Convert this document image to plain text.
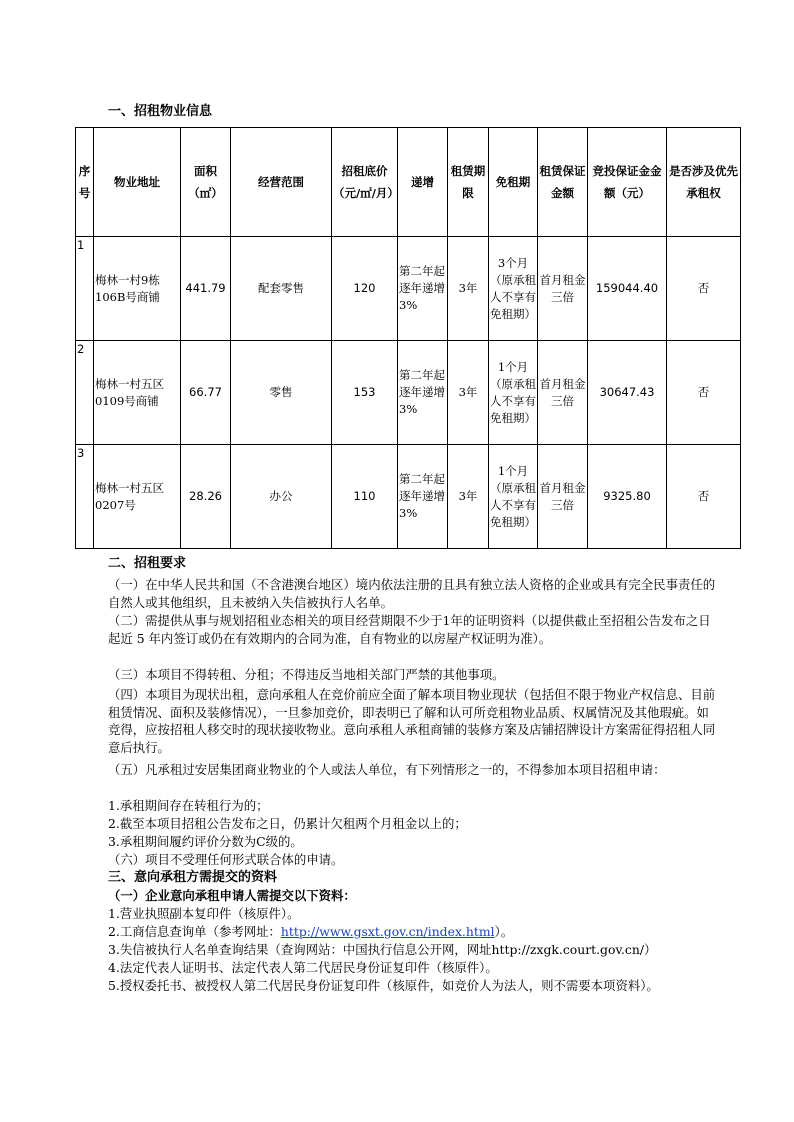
一、招租物业信息
序号	物业地址	面积（㎡）	经营范围	招租底价（元/㎡/月）	递增	租赁期限	免租期	租赁保证金额	竞投保证金金额（元）	是否涉及优先承租权
1	梅林一村9栋106B号商铺	441.79	配套零售	120	第二年起逐年递增3%	3年	3个月（原承租人不享有免租期）	首月租金三倍	159044.40	否
2	梅林一村五区0109号商铺	66.77	零售	153	第二年起逐年递增3%	3年	1个月（原承租人不享有免租期）	首月租金三倍	30647.43	否
3	梅林一村五区0207号	28.26	办公	110	第二年起逐年递增3%	3年	1个月（原承租人不享有免租期）	首月租金三倍	9325.80	否
二、招租要求
（一）在中华人民共和国（不含港澳台地区）境内依法注册的且具有独立法人资格的企业或具有完全民事责任的自然人或其他组织，且未被纳入失信被执行人名单。
（二）需提供从事与规划招租业态相关的项目经营期限不少于1年的证明资料（以提供截止至招租公告发布之日起近 5 年内签订或仍在有效期内的合同为准，自有物业的以房屋产权证明为准）。
（三）本项目不得转租、分租；不得违反当地相关部门严禁的其他事项。
（四）本项目为现状出租，意向承租人在竞价前应全面了解本项目物业现状（包括但不限于物业产权信息、目前租赁情况、面积及装修情况），一旦参加竞价，即表明已了解和认可所竞租物业品质、权属情况及其他瑕疵。如竞得，应按招租人移交时的现状接收物业。意向承租人承租商铺的装修方案及店铺招牌设计方案需征得招租人同意后执行。
（五）凡承租过安居集团商业物业的个人或法人单位，有下列情形之一的，不得参加本项目招租申请：
1.承租期间存在转租行为的；
2.截至本项目招租公告发布之日，仍累计欠租两个月租金以上的；
3.承租期间履约评价分数为C级的。
（六）项目不受理任何形式联合体的申请。
三、意向承租方需提交的资料
（一）企业意向承租申请人需提交以下资料：
1.营业执照副本复印件（核原件）。
2.工商信息查询单（参考网址：http://www.gsxt.gov.cn/index.html）。
3.失信被执行人名单查询结果（查询网站：中国执行信息公开网，网址http://zxgk.court.gov.cn/）
4.法定代表人证明书、法定代表人第二代居民身份证复印件（核原件）。
5.授权委托书、被授权人第二代居民身份证复印件（核原件，如竞价人为法人，则不需要本项资料）。
